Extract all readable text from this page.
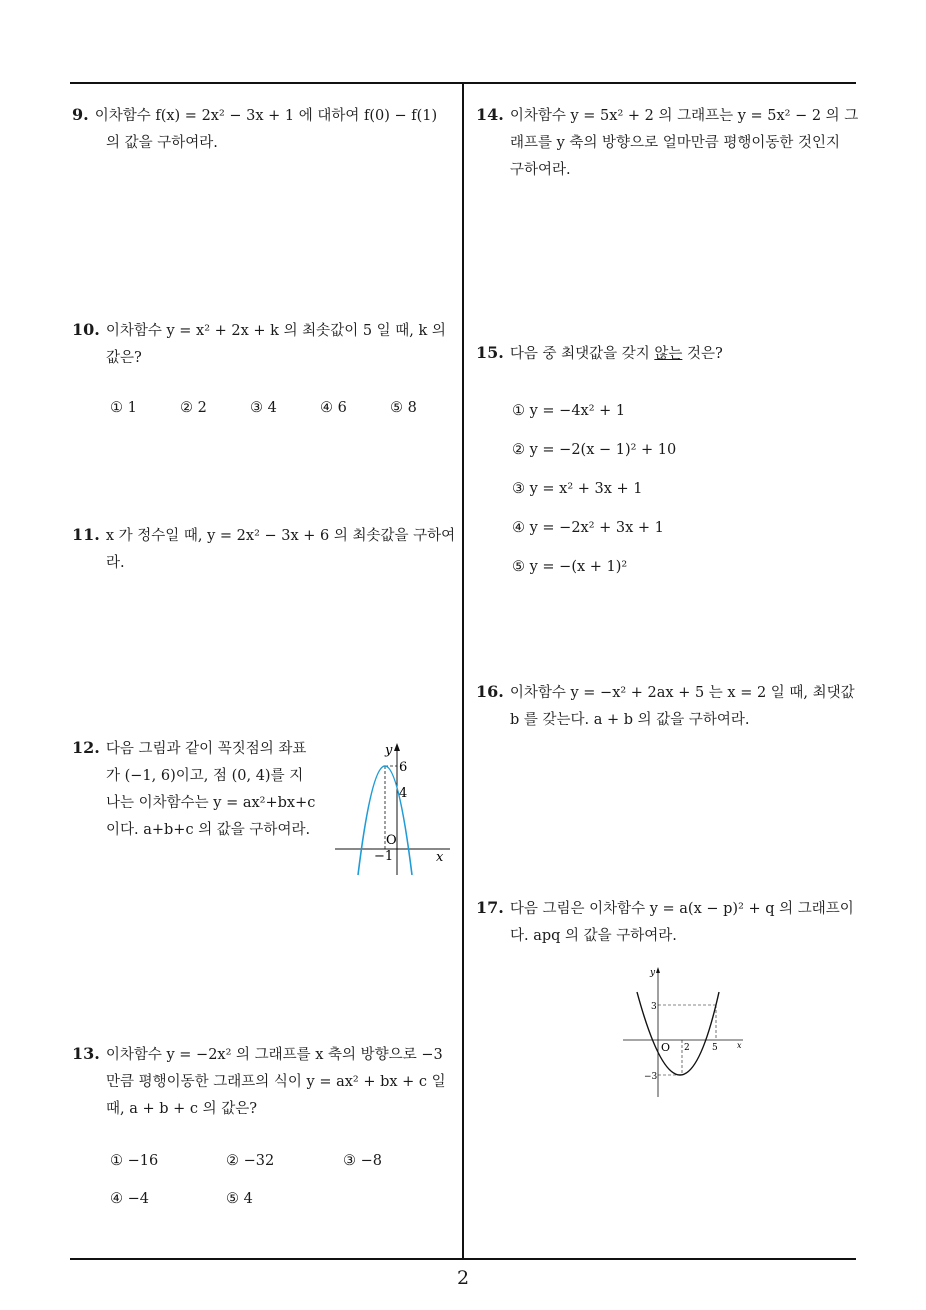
9. 이차함수 f(x) = 2x² − 3x + 1 에 대하여 f(0) − f(1)
의 값을 구하여라.
10. 이차함수 y = x² + 2x + k 의 최솟값이 5 일 때, k 의
값은?
① 1	② 2	③ 4	④ 6	⑤ 8
11. x 가 정수일 때, y = 2x² − 3x + 6 의 최솟값을 구하여
라.
12. 다음 그림과 같이 꼭짓점의 좌표
가 (−1, 6)이고, 점 (0, 4)를 지
나는 이차함수는 y = ax²+bx+c
이다. a+b+c 의 값을 구하여라.
y
6
4
O
−1	x
13. 이차함수 y = −2x² 의 그래프를 x 축의 방향으로 −3
만큼 평행이동한 그래프의 식이 y = ax² + bx + c 일
때, a + b + c 의 값은?
① −16	② −32	③ −8
④ −4	⑤ 4
14. 이차함수 y = 5x² + 2 의 그래프는 y = 5x² − 2 의 그
래프를 y 축의 방향으로 얼마만큼 평행이동한 것인지
구하여라.
15. 다음 중 최댓값을 갖지 않는 것은?
① y = −4x² + 1
② y = −2(x − 1)² + 10
③ y = x² + 3x + 1
④ y = −2x² + 3x + 1
⑤ y = −(x + 1)²
16. 이차함수 y = −x² + 2ax + 5 는 x = 2 일 때, 최댓값
b 를 갖는다. a + b 의 값을 구하여라.
17. 다음 그림은 이차함수 y = a(x − p)² + q 의 그래프이
다. apq 의 값을 구하여라.
y
3
O 2 5 x
−3
2
